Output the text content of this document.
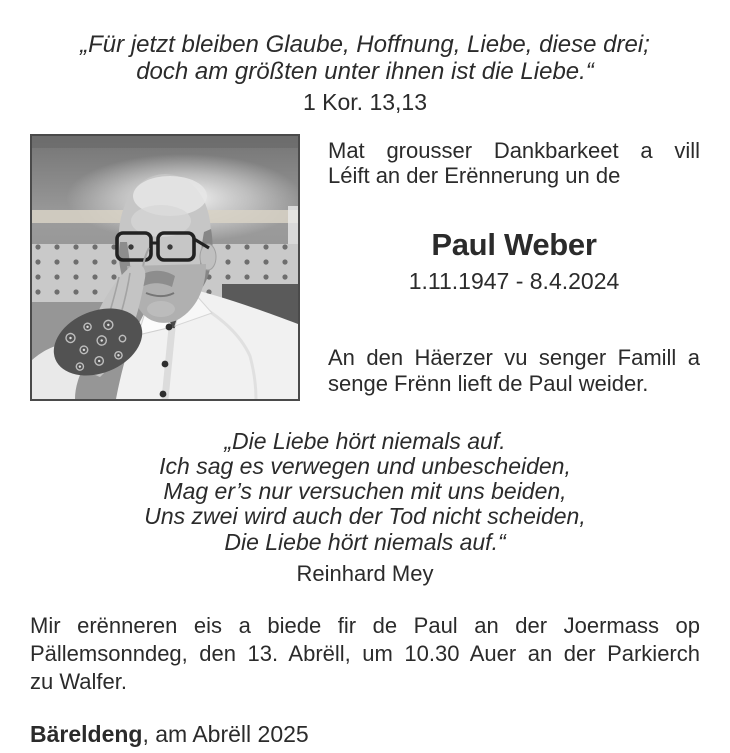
„Für jetzt bleiben Glaube, Hoffnung, Liebe, diese drei;
doch am größten unter ihnen ist die Liebe.“
1 Kor. 13,13
Mat grousser Dankbarkeet a vill
Léift an der Erënnerung un de
Paul Weber
1.11.1947 - 8.4.2024
An den Häerzer vu senger Famill a
senge Frënn lieft de Paul weider.
„Die Liebe hört niemals auf.
Ich sag es verwegen und unbescheiden,
Mag er’s nur versuchen mit uns beiden,
Uns zwei wird auch der Tod nicht scheiden,
Die Liebe hört niemals auf.“
Reinhard Mey
Mir erënneren eis a biede fir de Paul an der Joermass op
Pällemsonndeg, den 13. Abrëll, um 10.30 Auer an der Parkierch
zu Walfer.
Bäreldeng, am Abrëll 2025
